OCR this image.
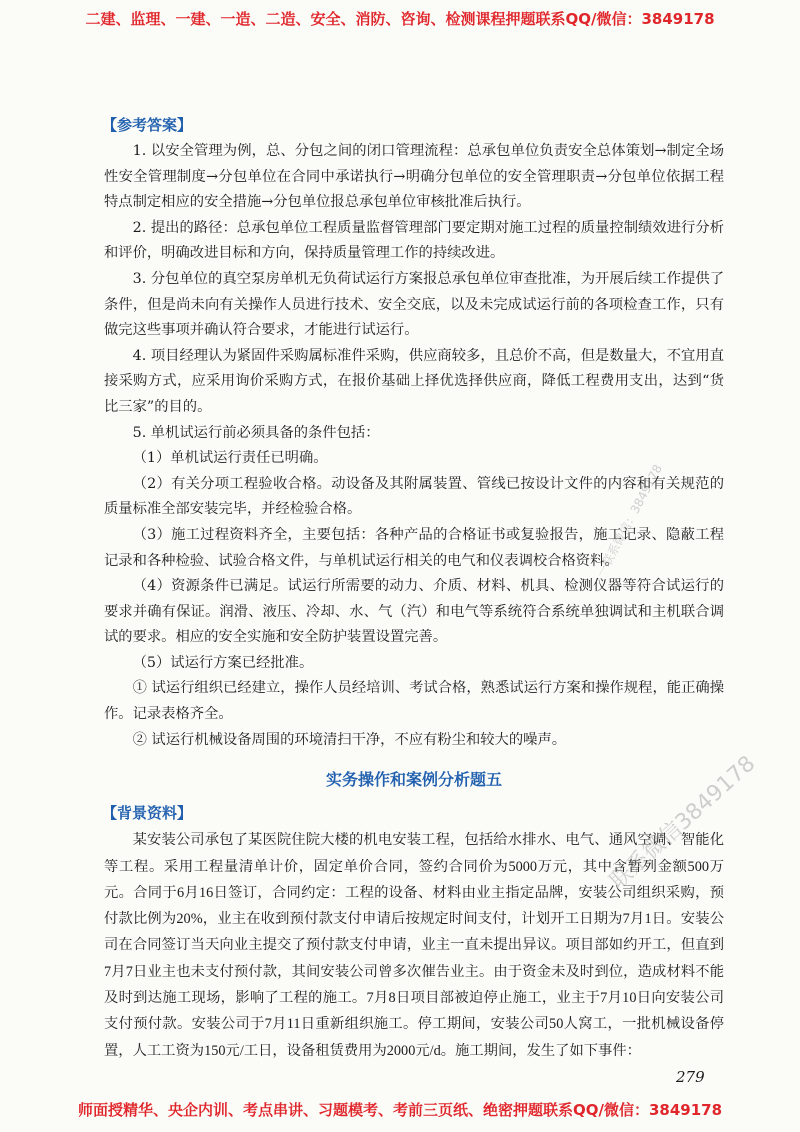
二建、监理、一建、一造、二造、安全、消防、咨询、检测课程押题联系QQ/微信：3849178
【参考答案】

1. 以安全管理为例，总、分包之间的闭口管理流程：总承包单位负责安全总体策划→制定全场性安全管理制度→分包单位在合同中承诺执行→明确分包单位的安全管理职责→分包单位依据工程特点制定相应的安全措施→分包单位报总承包单位审核批准后执行。

2. 提出的路径：总承包单位工程质量监督管理部门要定期对施工过程的质量控制绩效进行分析和评价，明确改进目标和方向，保持质量管理工作的持续改进。

3. 分包单位的真空泵房单机无负荷试运行方案报总承包单位审查批准，为开展后续工作提供了条件，但是尚未向有关操作人员进行技术、安全交底，以及未完成试运行前的各项检查工作，只有做完这些事项并确认符合要求，才能进行试运行。

4. 项目经理认为紧固件采购属标准件采购，供应商较多，且总价不高，但是数量大，不宜用直接采购方式，应采用询价采购方式，在报价基础上择优选择供应商，降低工程费用支出，达到“货比三家”的目的。

5. 单机试运行前必须具备的条件包括：

（1）单机试运行责任已明确。

（2）有关分项工程验收合格。动设备及其附属装置、管线已按设计文件的内容和有关规范的质量标准全部安装完毕，并经检验合格。

（3）施工过程资料齐全，主要包括：各种产品的合格证书或复验报告，施工记录、隐蔽工程记录和各种检验、试验合格文件，与单机试运行相关的电气和仪表调校合格资料。

（4）资源条件已满足。试运行所需要的动力、介质、材料、机具、检测仪器等符合试运行的要求并确有保证。润滑、液压、冷却、水、气（汽）和电气等系统符合系统单独调试和主机联合调试的要求。相应的安全实施和安全防护装置设置完善。

（5）试运行方案已经批准。

① 试运行组织已经建立，操作人员经培训、考试合格，熟悉试运行方案和操作规程，能正确操作。记录表格齐全。

② 试运行机械设备周围的环境清扫干净，不应有粉尘和较大的噪声。

实务操作和案例分析题五
【背景资料】

某安装公司承包了某医院住院大楼的机电安装工程，包括给水排水、电气、通风空调、智能化等工程。采用工程量清单计价，固定单价合同，签约合同价为5000万元，其中含暂列金额500万元。合同于6月16日签订，合同约定：工程的设备、材料由业主指定品牌，安装公司组织采购，预付款比例为20%，业主在收到预付款支付申请后按规定时间支付，计划开工日期为7月1日。安装公司在合同签订当天向业主提交了预付款支付申请，业主一直未提出异议。项目部如约开工，但直到7月7日业主也未支付预付款，其间安装公司曾多次催告业主。由于资金未及时到位，造成材料不能及时到达施工现场，影响了工程的施工。7月8日项目部被迫停止施工，业主于7月10日向安装公司支付预付款。安装公司于7月11日重新组织施工。停工期间，安装公司50人窝工，一批机械设备停置，人工工资为150元/工日，设备租赁费用为2000元/d。施工期间，发生了如下事件：

一联系微信：3849178
联系微信3849178
279
师面授精华、央企内训、考点串讲、习题模考、考前三页纸、绝密押题联系QQ/微信：3849178
